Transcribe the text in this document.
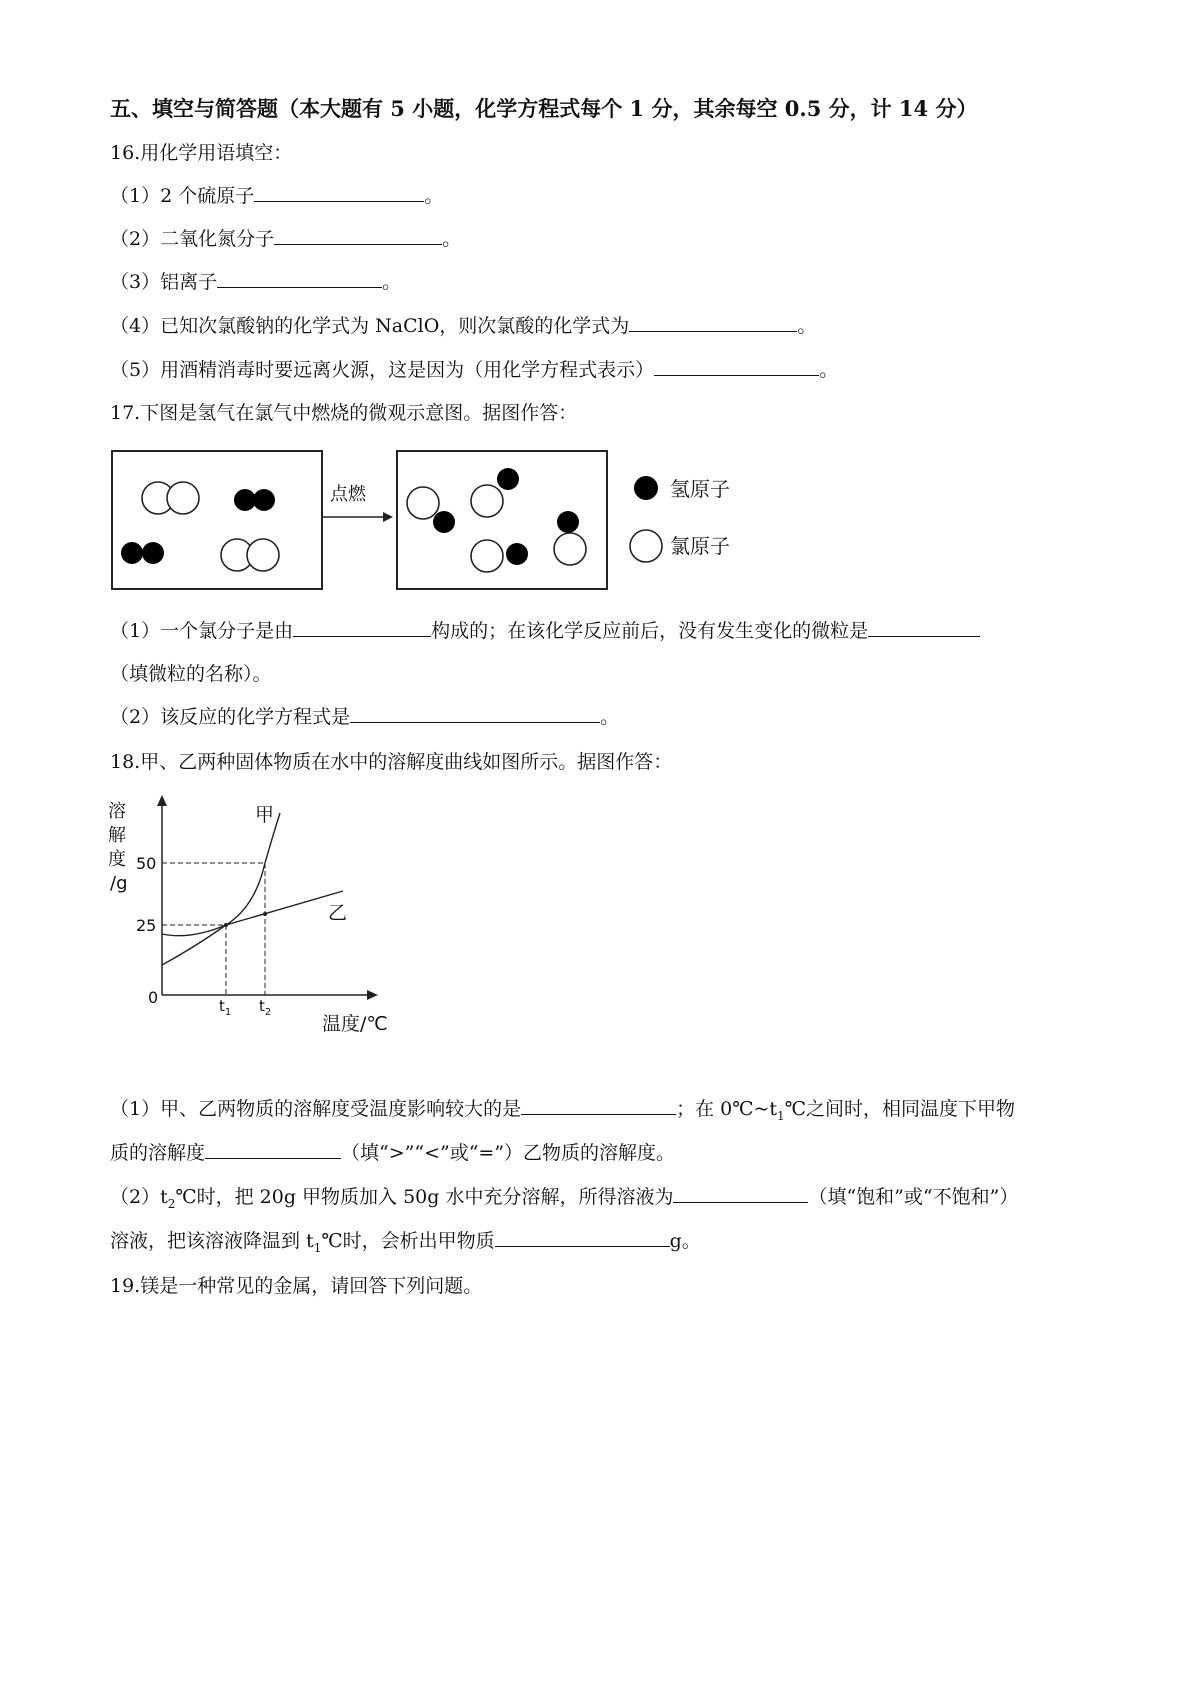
五、填空与简答题（本大题有 5 小题，化学方程式每个 1 分，其余每空 0.5 分，计 14 分）
16.用化学用语填空：
（1）2 个硫原子	。
（2）二氧化氮分子	。
（3）铝离子	。
（4）已知次氯酸钠的化学式为 NaClO，则次氯酸的化学式为	。
（5）用酒精消毒时要远离火源，这是因为（用化学方程式表示）	。
17.下图是氢气在氯气中燃烧的微观示意图。据图作答：
点燃	氢原子
氯原子
（1）一个氯分子是由	构成的；在该化学反应前后，没有发生变化的微粒是
（填微粒的名称）。
（2）该反应的化学方程式是	。
18.甲、乙两种固体物质在水中的溶解度曲线如图所示。据图作答：
溶解度/g
0
50
25
$t_1$ $t_2$
温度/℃
甲
乙
（1）甲、乙两物质的溶解度受温度影响较大的是	；在 $0℃\sim t_1℃$之间时，相同温度下甲物
质的溶解度	（填“>”“<”或“=”）乙物质的溶解度。
$(2)t_2℃$时，把 20g 甲物质加入 50g 水中充分溶解，所得溶液为	（填“饱和”或“不饱和”）
溶液，把该溶液降温到 $t_1℃$时，会析出甲物质	g。
19.镁是一种常见的金属，请回答下列问题。
